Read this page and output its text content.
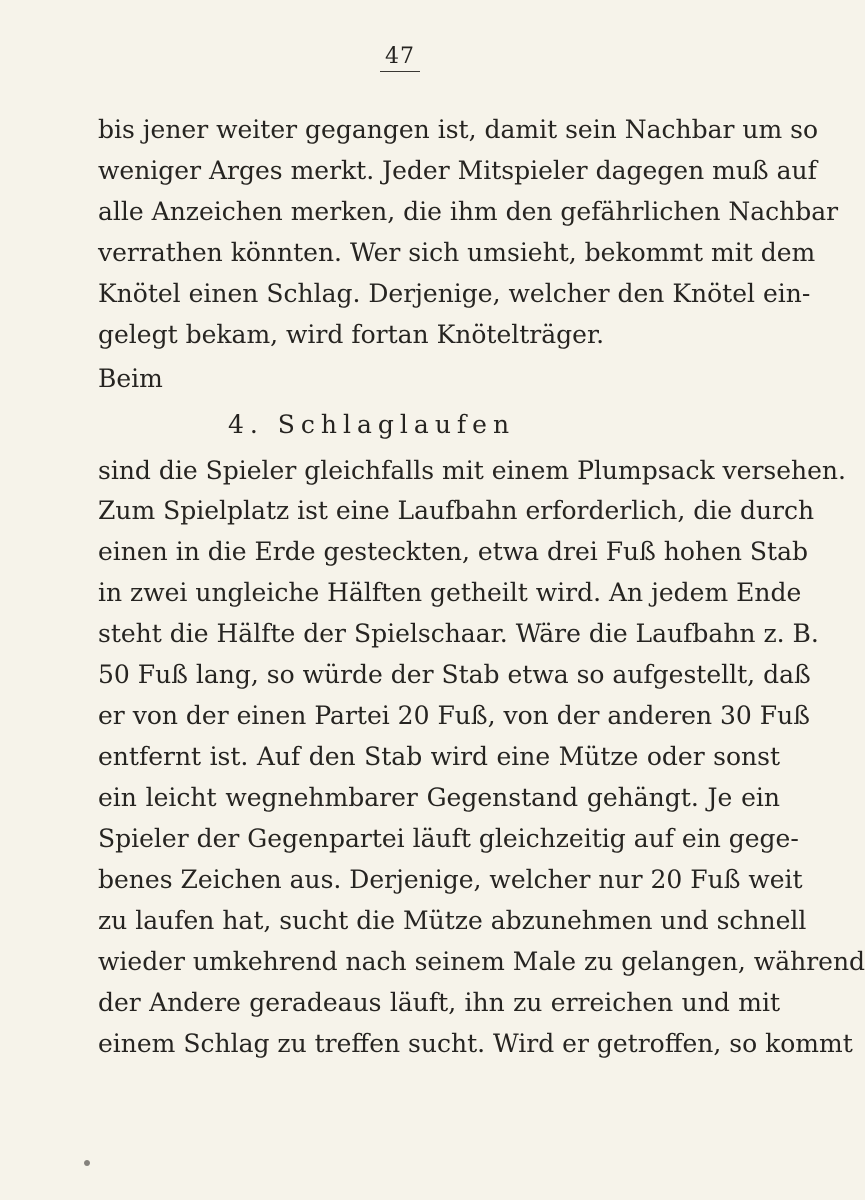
47
bis jener weiter gegangen ist, damit sein Nachbar um so
weniger Arges merkt. Jeder Mitspieler dagegen muß auf
alle Anzeichen merken, die ihm den gefährlichen Nachbar
verrathen könnten. Wer sich umsieht, bekommt mit dem
Knötel einen Schlag. Derjenige, welcher den Knötel ein-
gelegt bekam, wird fortan Knötelträger.
Beim
4. Schlaglaufen
sind die Spieler gleichfalls mit einem Plumpsack versehen.
Zum Spielplatz ist eine Laufbahn erforderlich, die durch
einen in die Erde gesteckten, etwa drei Fuß hohen Stab
in zwei ungleiche Hälften getheilt wird. An jedem Ende
steht die Hälfte der Spielschaar. Wäre die Laufbahn z. B.
50 Fuß lang, so würde der Stab etwa so aufgestellt, daß
er von der einen Partei 20 Fuß, von der anderen 30 Fuß
entfernt ist. Auf den Stab wird eine Mütze oder sonst
ein leicht wegnehmbarer Gegenstand gehängt. Je ein
Spieler der Gegenpartei läuft gleichzeitig auf ein gege-
benes Zeichen aus. Derjenige, welcher nur 20 Fuß weit
zu laufen hat, sucht die Mütze abzunehmen und schnell
wieder umkehrend nach seinem Male zu gelangen, während
der Andere geradeaus läuft, ihn zu erreichen und mit
einem Schlag zu treffen sucht. Wird er getroffen, so kommt
